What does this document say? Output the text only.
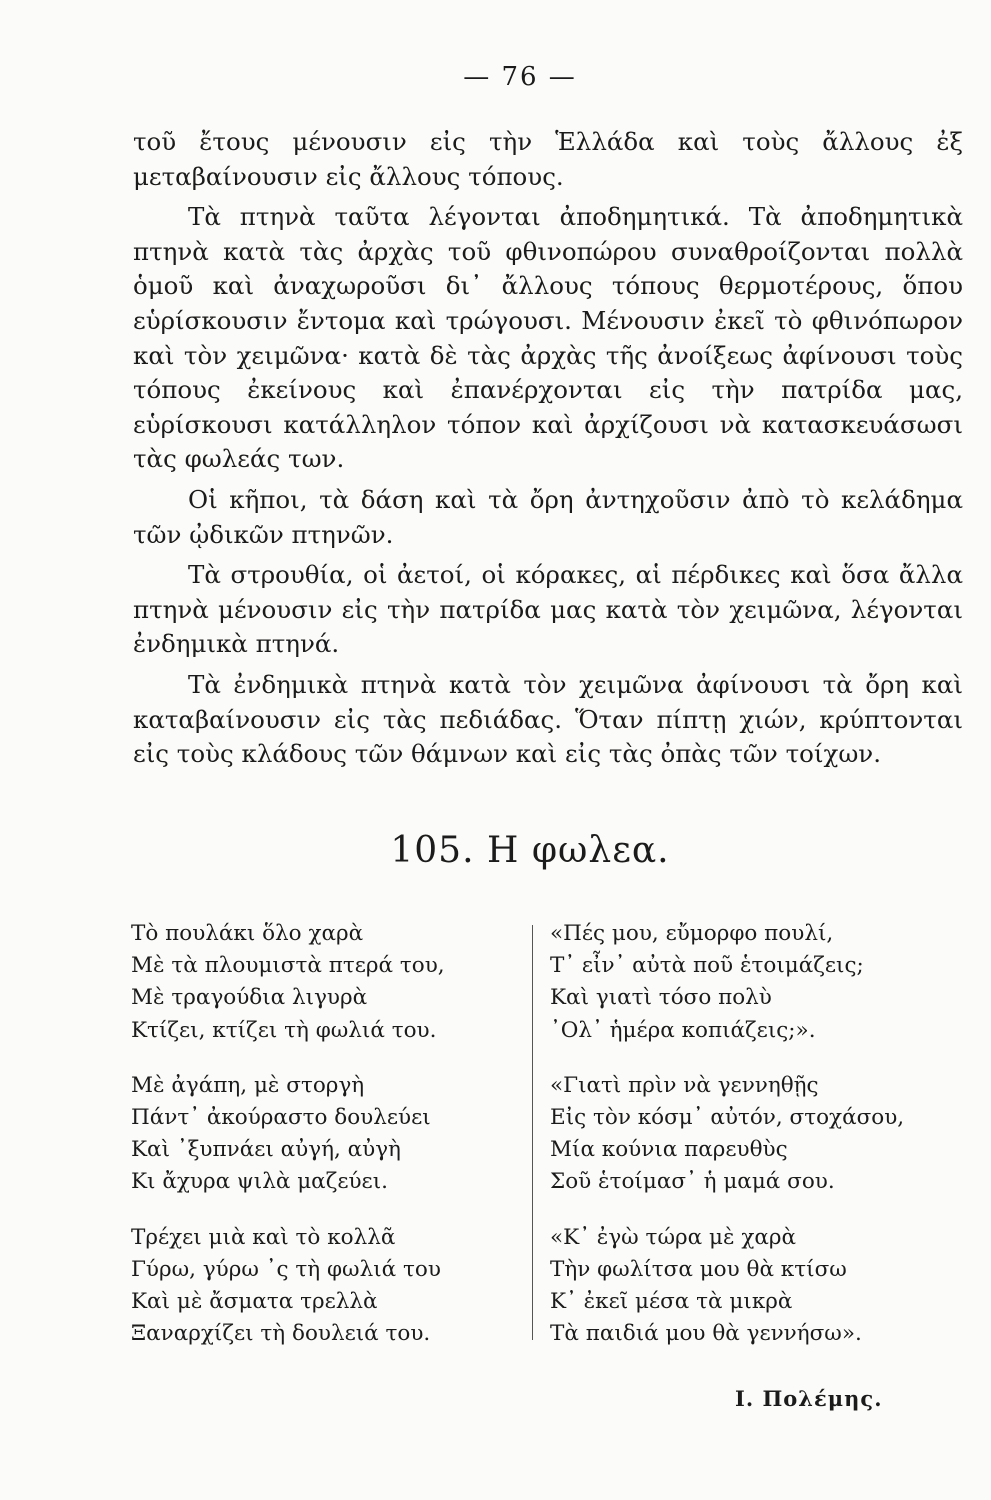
— 76 —

τοῦ ἔτους μένουσιν εἰς τὴν Ἑλλάδα καὶ τοὺς ἄλλους ἐξ μεταβαίνουσιν εἰς ἄλλους τόπους.

Τὰ πτηνὰ ταῦτα λέγονται ἀποδημητικά. Τὰ ἀποδημητικὰ πτηνὰ κατὰ τὰς ἀρχὰς τοῦ φθινοπώρου συναθροίζονται πολλὰ ὁμοῦ καὶ ἀναχωροῦσι δι᾽ ἄλλους τόπους θερμοτέρους, ὅπου εὑρίσκουσιν ἔντομα καὶ τρώγουσι. Μένουσιν ἐκεῖ τὸ φθινόπωρον καὶ τὸν χειμῶνα· κατὰ δὲ τὰς ἀρχὰς τῆς ἀνοίξεως ἀφίνουσι τοὺς τόπους ἐκείνους καὶ ἐπανέρχονται εἰς τὴν πατρίδα μας, εὑρίσκουσι κατάλληλον τόπον καὶ ἀρχίζουσι νὰ κατασκευάσωσι τὰς φωλεάς των.

Οἱ κῆποι, τὰ δάση καὶ τὰ ὄρη ἀντηχοῦσιν ἀπὸ τὸ κελάδημα τῶν ᾠδικῶν πτηνῶν.

Τὰ στρουθία, οἱ ἀετοί, οἱ κόρακες, αἱ πέρδικες καὶ ὅσα ἄλλα πτηνὰ μένουσιν εἰς τὴν πατρίδα μας κατὰ τὸν χειμῶνα, λέγονται ἐνδημικὰ πτηνά.

Τὰ ἐνδημικὰ πτηνὰ κατὰ τὸν χειμῶνα ἀφίνουσι τὰ ὄρη καὶ καταβαίνουσιν εἰς τὰς πεδιάδας. Ὅταν πίπτῃ χιών, κρύπτονται εἰς τοὺς κλάδους τῶν θάμνων καὶ εἰς τὰς ὀπὰς τῶν τοίχων.

105. Η φωλεα.
Τὸ πουλάκι ὅλο χαρὰ
Μὲ τὰ πλουμιστὰ πτερά του,
Μὲ τραγούδια λιγυρὰ
Κτίζει, κτίζει τὴ φωλιά του.
Μὲ ἀγάπη, μὲ στοργὴ
Πάντ᾽ ἀκούραστο δουλεύει
Καὶ ᾽ξυπνάει αὐγή, αὐγὴ
Κι ἄχυρα ψιλὰ μαζεύει.
Τρέχει μιὰ καὶ τὸ κολλᾶ
Γύρω, γύρω ᾽ς τὴ φωλιά του
Καὶ μὲ ἄσματα τρελλὰ
Ξαναρχίζει τὴ δουλειά του.
«Πές μου, εὔμορφο πουλί,
Τ᾽ εἶν᾽ αὐτὰ ποῦ ἑτοιμάζεις;
Καὶ γιατὶ τόσο πολὺ
᾽Ολ᾽ ἡμέρα κοπιάζεις;».
«Γιατὶ πρὶν νὰ γεννηθῇς
Εἰς τὸν κόσμ᾽ αὐτόν, στοχάσου,
Μία κούνια παρευθὺς
Σοῦ ἑτοίμασ᾽ ἡ μαμά σου.
«Κ᾽ ἐγὼ τώρα μὲ χαρὰ
Τὴν φωλίτσα μου θὰ κτίσω
Κ᾽ ἐκεῖ μέσα τὰ μικρὰ
Τὰ παιδιά μου θὰ γεννήσω».
Ι. Πολέμης.
